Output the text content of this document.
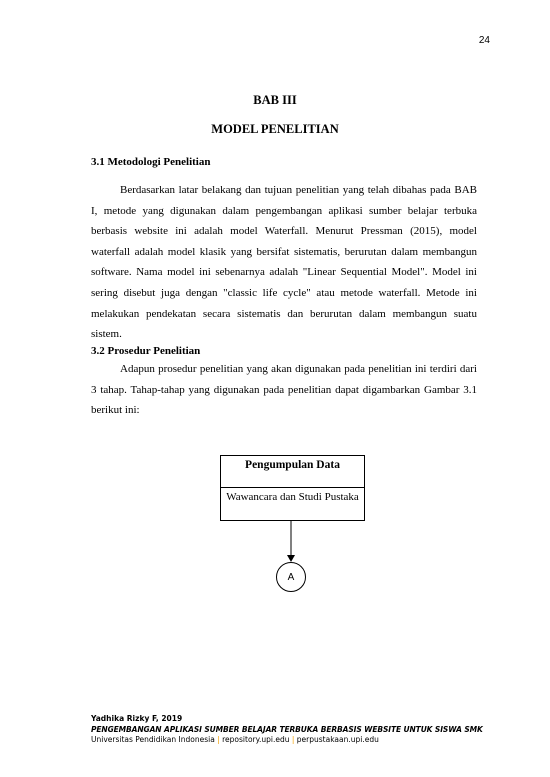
24
BAB III
MODEL PENELITIAN
3.1 Metodologi Penelitian

Berdasarkan latar belakang dan tujuan penelitian yang telah dibahas pada BAB I, metode yang digunakan dalam pengembangan aplikasi sumber belajar terbuka berbasis website ini adalah model Waterfall. Menurut Pressman (2015), model waterfall adalah model klasik yang bersifat sistematis, berurutan dalam membangun software. Nama model ini sebenarnya adalah "Linear Sequential Model". Model ini sering disebut juga dengan "classic life cycle" atau metode waterfall. Metode ini melakukan pendekatan secara sistematis dan berurutan dalam membangun suatu sistem.

3.2 Prosedur Penelitian

Adapun prosedur penelitian yang akan digunakan pada penelitian ini terdiri dari 3 tahap. Tahap-tahap yang digunakan pada penelitian dapat digambarkan Gambar 3.1 berikut ini:

Pengumpulan Data
Wawancara dan Studi Pustaka
A
Yadhika Rizky F, 2019
PENGEMBANGAN APLIKASI SUMBER BELAJAR TERBUKA BERBASIS WEBSITE UNTUK SISWA SMK
Universitas Pendidikan Indonesia | repository.upi.edu | perpustakaan.upi.edu
